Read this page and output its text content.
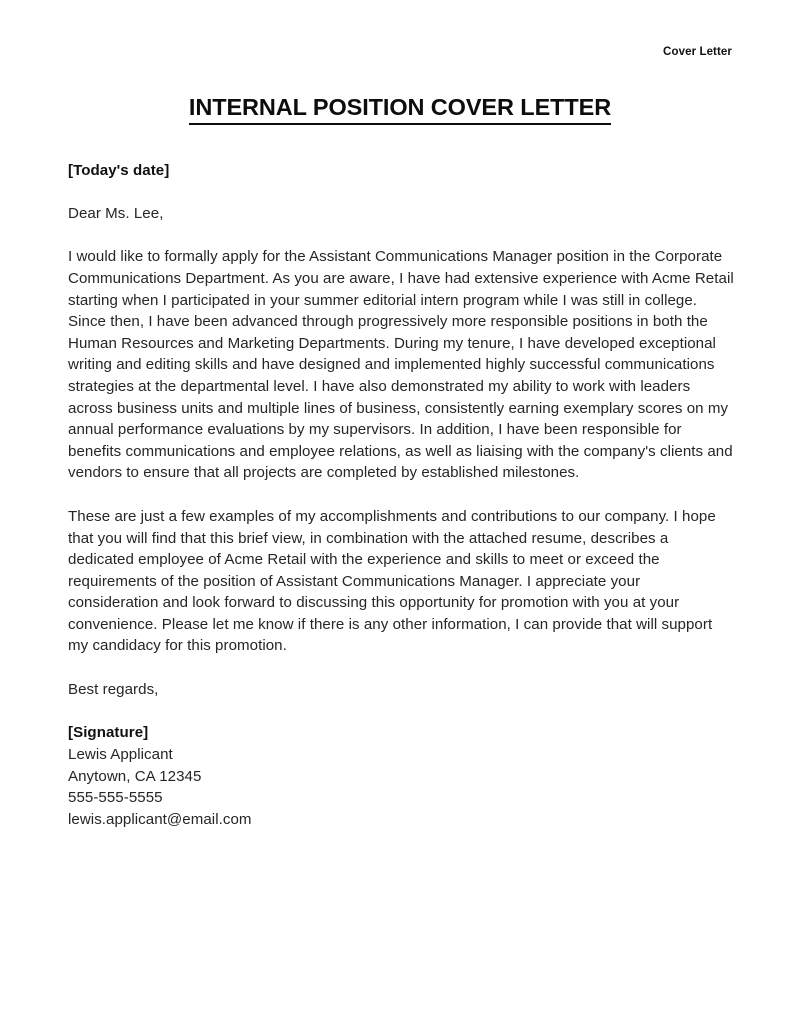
Cover Letter
INTERNAL POSITION COVER LETTER

[Today's date]

Dear Ms. Lee,

I would like to formally apply for the Assistant Communications Manager position in the Corporate Communications Department. As you are aware, I have had extensive experience with Acme Retail starting when I participated in your summer editorial intern program while I was still in college. Since then, I have been advanced through progressively more responsible positions in both the Human Resources and Marketing Departments. During my tenure, I have developed exceptional writing and editing skills and have designed and implemented highly successful communications strategies at the departmental level. I have also demonstrated my ability to work with leaders across business units and multiple lines of business, consistently earning exemplary scores on my annual performance evaluations by my supervisors. In addition, I have been responsible for benefits communications and employee relations, as well as liaising with the company's clients and vendors to ensure that all projects are completed by established milestones.

These are just a few examples of my accomplishments and contributions to our company. I hope that you will find that this brief view, in combination with the attached resume, describes a dedicated employee of Acme Retail with the experience and skills to meet or exceed the requirements of the position of Assistant Communications Manager. I appreciate your consideration and look forward to discussing this opportunity for promotion with you at your convenience. Please let me know if there is any other information, I can provide that will support my candidacy for this promotion.

Best regards,

[Signature]

Lewis Applicant

Anytown, CA 12345

555-555-5555

lewis.applicant@email.com
